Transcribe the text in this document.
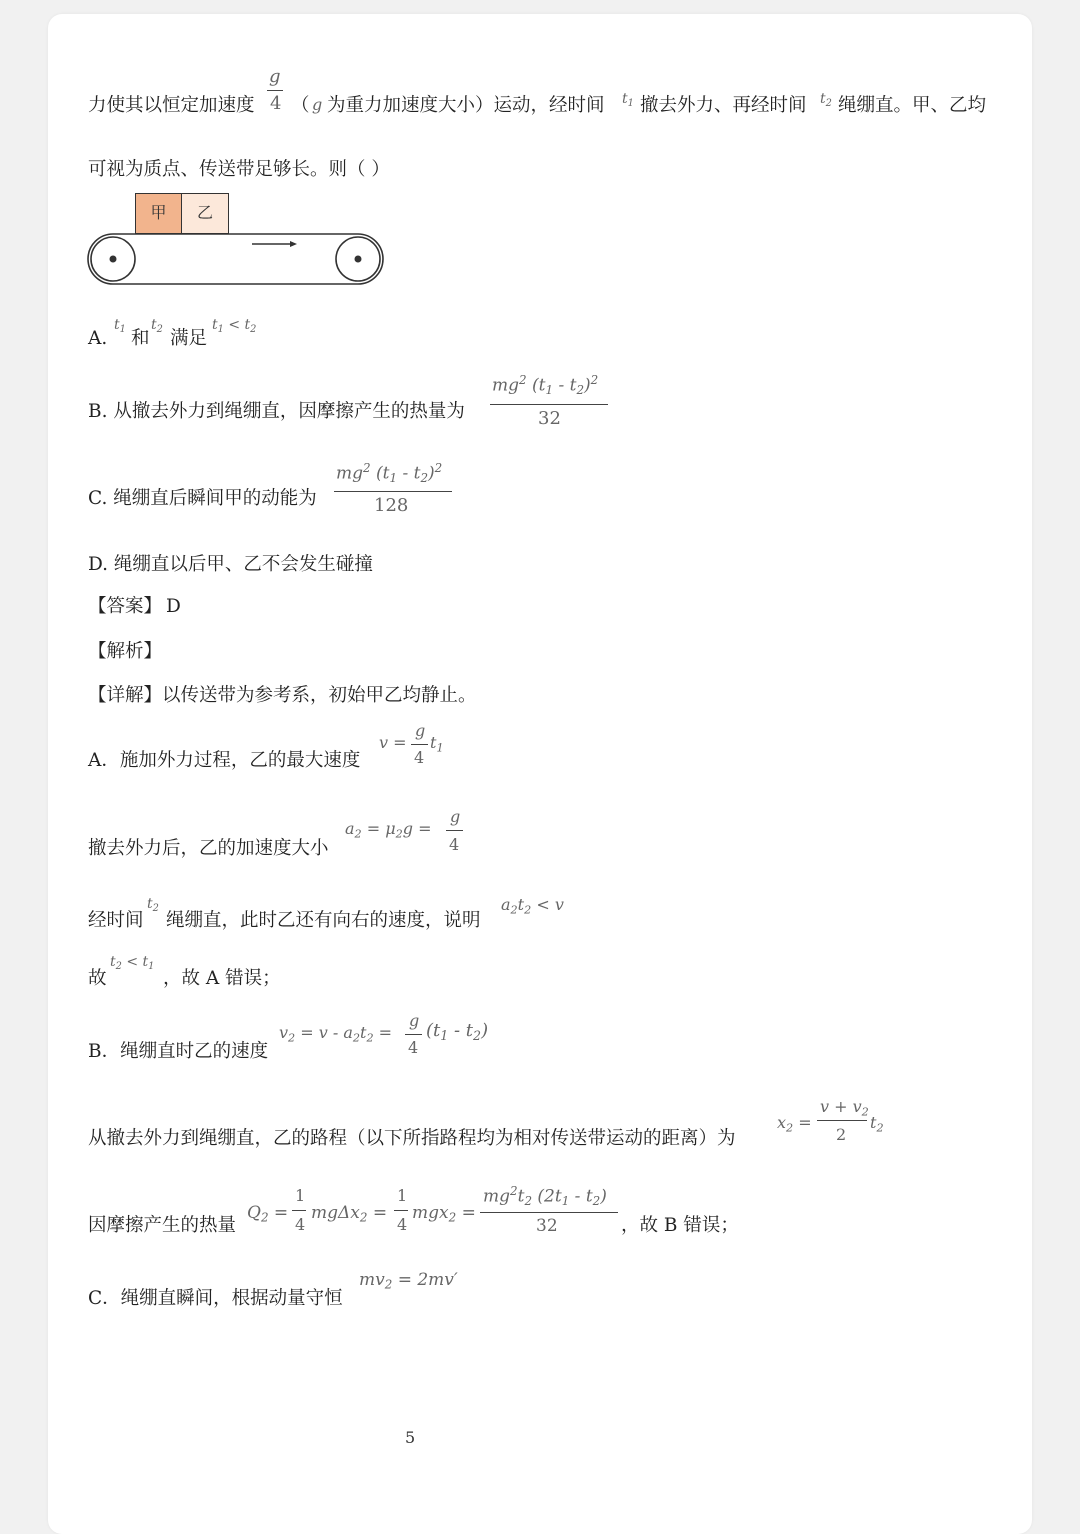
力使其以恒定加速度
g
4 （ g 为重力加速度大小）运动，经时间 $t_1$ 撤去外力、再经时间 $t_2$ 绳绷直。甲、乙均
可视为质点、传送带足够长。则（ ）
甲	乙
A.
$t_1$ 和
$t_2$ 满足
$t_1 < t_2$
B. 从撤去外力到绳绷直，因摩擦产生的热量为
$mg^2$ $(t_1 - t_2)^2$
32
C. 绳绷直后瞬间甲的动能为
$mg^2$ $(t_1 - t_2)^2$
128
D. 绳绷直以后甲、乙不会发生碰撞
【答案】 D
【解析】
【详解】以传送带为参考系，初始甲乙均静止。
A．施加外力过程，乙的最大速度
v =
g
4
$t_1$
撤去外力后，乙的加速度大小
$a_2 = \mu_2g$ =
g
4
经时间
$t_2$
绳绷直，此时乙还有向右的速度，说明
$a_2t_2 < v$
故
$t_2 < t_1$
，故 A 错误；
B．绳绷直时乙的速度
$v_2 = v - a_2t_2$ =
g
4
$(t_1 - t_2)$
从撤去外力到绳绷直，乙的路程（以下所指路程均为相对传送带运动的距离）为
$x_2$ =
$v + v_2$
2
$t_2$
因摩擦产生的热量
$Q_2$ =
1
4
mgΔx$_2$ =
1
4
mgx$_2$ =
$mg^2t_2$ $(2t_1 - t_2)$
32	，故 B 错误；
C．绳绷直瞬间，根据动量守恒
$mv_2 = 2mv'$
5
